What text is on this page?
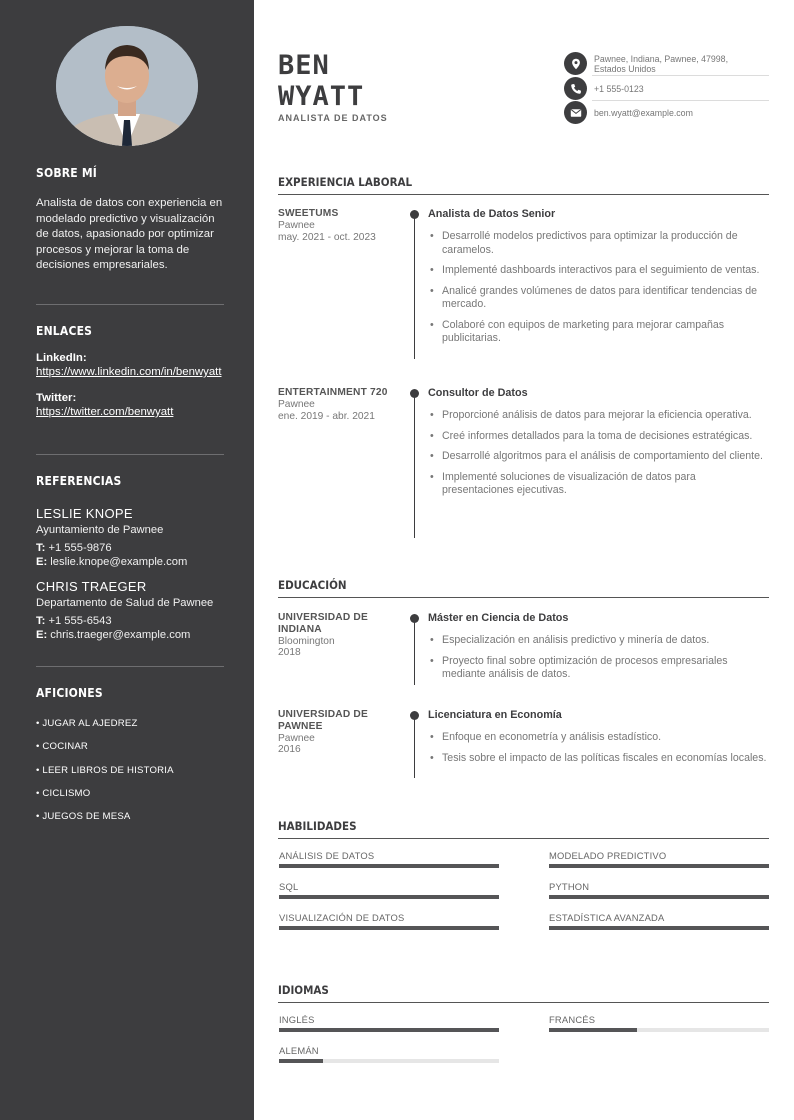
SOBRE MÍ
Analista de datos con experiencia en modelado predictivo y visualización de datos, apasionado por optimizar procesos y mejorar la toma de decisiones empresariales.
ENLACES
LinkedIn:
https://www.linkedin.com/in/benwyatt
Twitter:
https://twitter.com/benwyatt
REFERENCIAS
LESLIE KNOPE
Ayuntamiento de Pawnee
T: +1 555-9876
E: leslie.knope@example.com
CHRIS TRAEGER
Departamento de Salud de Pawnee
T: +1 555-6543
E: chris.traeger@example.com
AFICIONES
• JUGAR AL AJEDREZ
• COCINAR
• LEER LIBROS DE HISTORIA
• CICLISMO
• JUEGOS DE MESA
BEN
WYATT
ANALISTA DE DATOS
Pawnee, Indiana, Pawnee, 47998,
Estados Unidos
+1 555-0123
ben.wyatt@example.com
EXPERIENCIA LABORAL
SWEETUMS
Pawnee
may. 2021 - oct. 2023
Analista de Datos Senior
• Desarrollé modelos predictivos para optimizar la producción de caramelos.
• Implementé dashboards interactivos para el seguimiento de ventas.
• Analicé grandes volúmenes de datos para identificar tendencias de mercado.
• Colaboré con equipos de marketing para mejorar campañas publicitarias.
ENTERTAINMENT 720
Pawnee
ene. 2019 - abr. 2021
Consultor de Datos
• Proporcioné análisis de datos para mejorar la eficiencia operativa.
• Creé informes detallados para la toma de decisiones estratégicas.
• Desarrollé algoritmos para el análisis de comportamiento del cliente.
• Implementé soluciones de visualización de datos para presentaciones ejecutivas.
EDUCACIÓN
UNIVERSIDAD DE INDIANA
Bloomington
2018
Máster en Ciencia de Datos
• Especialización en análisis predictivo y minería de datos.
• Proyecto final sobre optimización de procesos empresariales mediante análisis de datos.
UNIVERSIDAD DE PAWNEE
Pawnee
2016
Licenciatura en Economía
• Enfoque en econometría y análisis estadístico.
• Tesis sobre el impacto de las políticas fiscales en economías locales.
HABILIDADES
ANÁLISIS DE DATOS	MODELADO PREDICTIVO
SQL	PYTHON
VISUALIZACIÓN DE DATOS	ESTADÍSTICA AVANZADA
IDIOMAS
INGLÉS	FRANCÉS
ALEMÁN
